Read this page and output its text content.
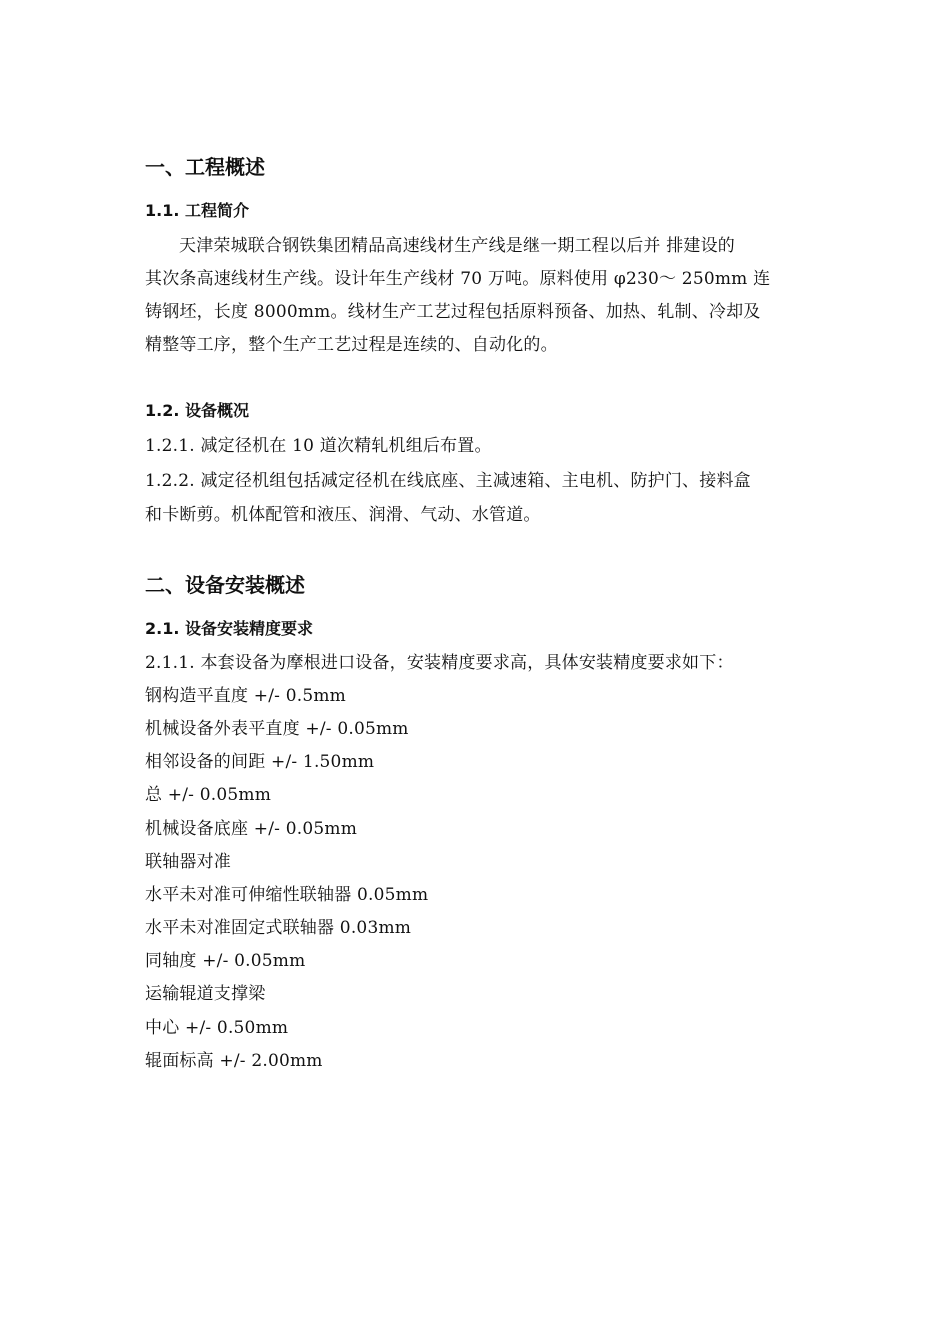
一、工程概述
1.1. 工程简介
天津荣城联合钢铁集团精品高速线材生产线是继一期工程以后并 排建设的
其次条高速线材生产线。设计年生产线材 70 万吨。原料使用 φ230～ 250mm 连
铸钢坯，长度 8000mm。线材生产工艺过程包括原料预备、加热、轧制、冷却及
精整等工序，整个生产工艺过程是连续的、自动化的。
1.2. 设备概况
1.2.1. 减定径机在 10 道次精轧机组后布置。
1.2.2. 减定径机组包括减定径机在线底座、主减速箱、主电机、防护门、接料盒
和卡断剪。机体配管和液压、润滑、气动、水管道。
二、设备安装概述
2.1. 设备安装精度要求
2.1.1. 本套设备为摩根进口设备，安装精度要求高，具体安装精度要求如下：
钢构造平直度 +/- 0.5mm
机械设备外表平直度 +/- 0.05mm
相邻设备的间距 +/- 1.50mm
总 +/- 0.05mm
机械设备底座 +/- 0.05mm
联轴器对准
水平未对准可伸缩性联轴器 0.05mm
水平未对准固定式联轴器 0.03mm
同轴度 +/- 0.05mm
运输辊道支撑梁
中心 +/- 0.50mm
辊面标高 +/- 2.00mm
